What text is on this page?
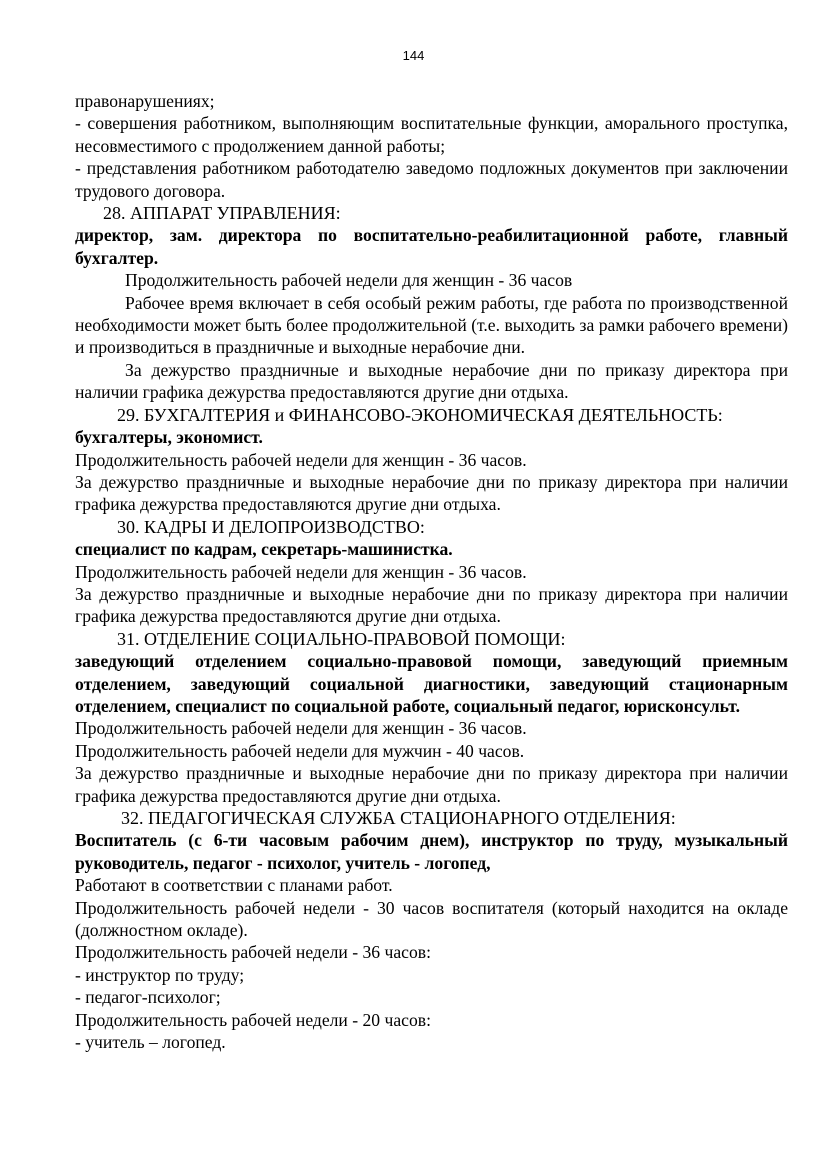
144

правонарушениях;

- совершения работником, выполняющим воспитательные функции, аморального проступка, несовместимого с продолжением данной работы;

- представления работником работодателю заведомо подложных документов при заключении трудового договора.

28. АППАРАТ УПРАВЛЕНИЯ:

директор, зам. директора по воспитательно-реабилитационной работе, главный бухгалтер.

Продолжительность рабочей недели для женщин - 36 часов

Рабочее время включает в себя особый режим работы, где работа по производственной необходимости может быть более продолжительной (т.е. выходить за рамки рабочего времени) и производиться в праздничные и выходные нерабочие дни.

За дежурство праздничные и выходные нерабочие дни по приказу директора при наличии графика дежурства предоставляются другие дни отдыха.

29. БУХГАЛТЕРИЯ и ФИНАНСОВО-ЭКОНОМИЧЕСКАЯ ДЕЯТЕЛЬНОСТЬ:

бухгалтеры, экономист.

Продолжительность рабочей недели для женщин - 36 часов.

За дежурство праздничные и выходные нерабочие дни по приказу директора при наличии графика дежурства предоставляются другие дни отдыха.

30. КАДРЫ И ДЕЛОПРОИЗВОДСТВО:

специалист по кадрам, секретарь-машинистка.

Продолжительность рабочей недели для женщин - 36 часов.

За дежурство праздничные и выходные нерабочие дни по приказу директора при наличии графика дежурства предоставляются другие дни отдыха.

31. ОТДЕЛЕНИЕ СОЦИАЛЬНО-ПРАВОВОЙ ПОМОЩИ:

заведующий отделением социально-правовой помощи, заведующий приемным отделением, заведующий социальной диагностики, заведующий стационарным отделением, специалист по социальной работе, социальный педагог, юрисконсульт.

Продолжительность рабочей недели для женщин - 36 часов.

Продолжительность рабочей недели для мужчин - 40 часов.

За дежурство праздничные и выходные нерабочие дни по приказу директора при наличии графика дежурства предоставляются другие дни отдыха.

32. ПЕДАГОГИЧЕСКАЯ СЛУЖБА СТАЦИОНАРНОГО ОТДЕЛЕНИЯ:

Воспитатель (с 6-ти часовым рабочим днем), инструктор по труду, музыкальный руководитель, педагог - психолог, учитель - логопед,

Работают в соответствии с планами работ.

Продолжительность рабочей недели - 30 часов воспитателя (который находится на окладе (должностном окладе).

Продолжительность рабочей недели - 36 часов:

- инструктор по труду;

- педагог-психолог;

Продолжительность рабочей недели - 20 часов:

- учитель – логопед.
